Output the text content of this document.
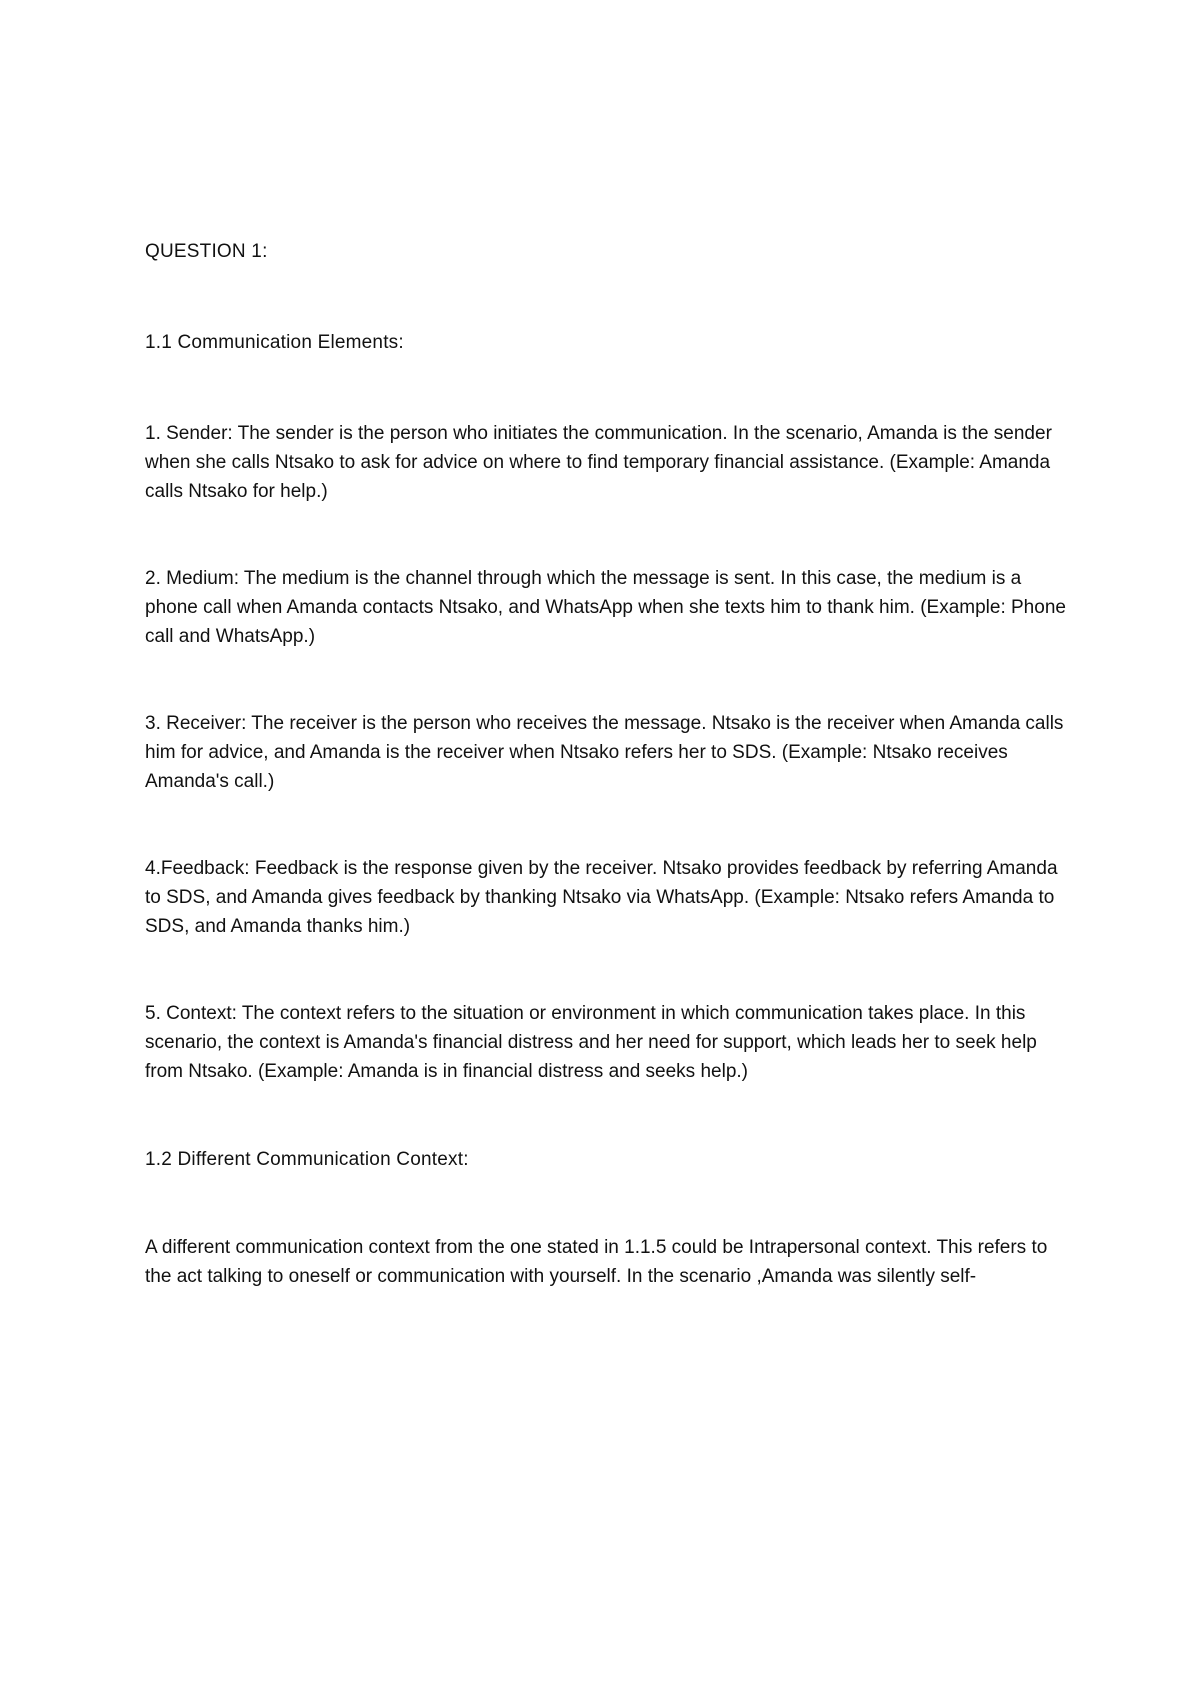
QUESTION 1:

1.1 Communication Elements:

1. Sender: The sender is the person who initiates the communication. In the scenario, Amanda is the sender when she calls Ntsako to ask for advice on where to find temporary financial assistance. (Example: Amanda calls Ntsako for help.)

2. Medium: The medium is the channel through which the message is sent. In this case, the medium is a phone call when Amanda contacts Ntsako, and WhatsApp when she texts him to thank him. (Example: Phone call and WhatsApp.)

3. Receiver: The receiver is the person who receives the message. Ntsako is the receiver when Amanda calls him for advice, and Amanda is the receiver when Ntsako refers her to SDS. (Example: Ntsako receives Amanda's call.)

4.Feedback: Feedback is the response given by the receiver. Ntsako provides feedback by referring Amanda to SDS, and Amanda gives feedback by thanking Ntsako via WhatsApp. (Example: Ntsako refers Amanda to SDS, and Amanda thanks him.)

5. Context: The context refers to the situation or environment in which communication takes place. In this scenario, the context is Amanda's financial distress and her need for support, which leads her to seek help from Ntsako. (Example: Amanda is in financial distress and seeks help.)

1.2 Different Communication Context:

A different communication context from the one stated in 1.1.5 could be Intrapersonal context. This refers to the act talking to oneself or communication with yourself. In the scenario ,Amanda was silently self-
